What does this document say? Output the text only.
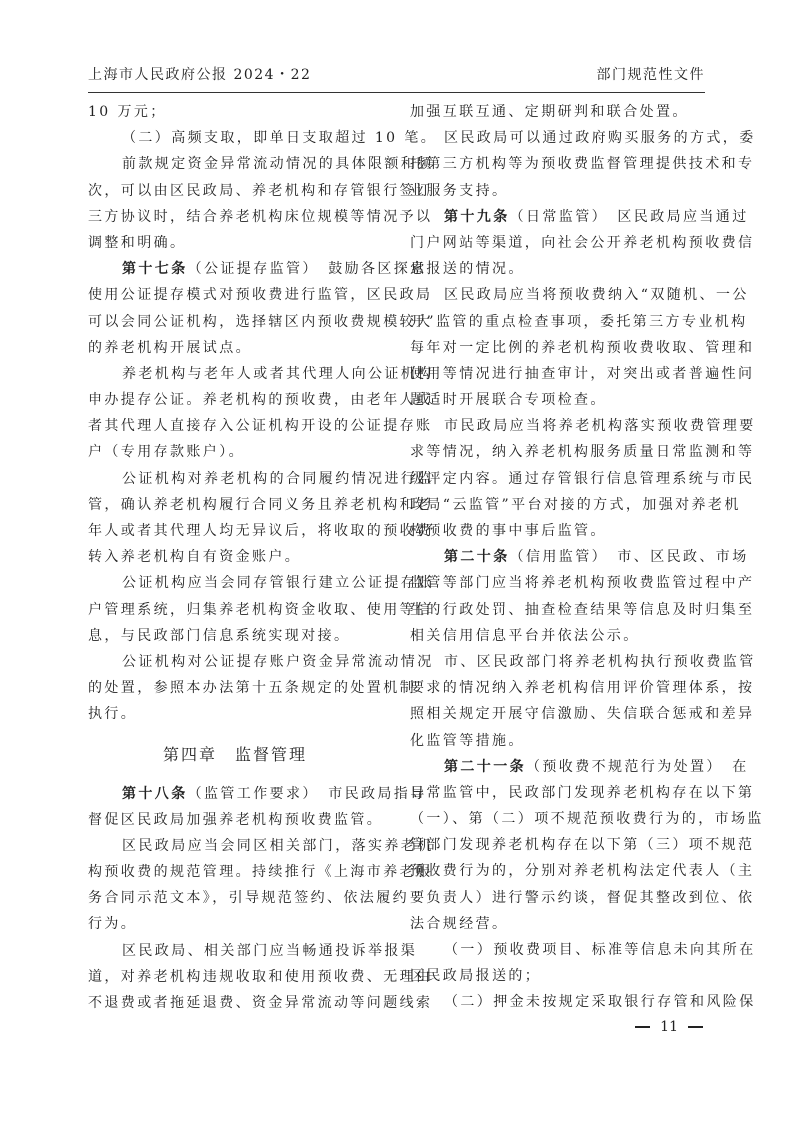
上海市人民政府公报 2024・22	部门规范性文件
10 万元；
（二）高频支取，即单日支取超过 10 笔。
前款规定资金异常流动情况的具体限额和频
次，可以由区民政局、养老机构和存管银行签订
三方协议时，结合养老机构床位规模等情况予以
调整和明确。
第十七条（公证提存监管）　鼓励各区探索
使用公证提存模式对预收费进行监管，区民政局
可以会同公证机构，选择辖区内预收费规模较大
的养老机构开展试点。
养老机构与老年人或者其代理人向公证机构
申办提存公证。养老机构的预收费，由老年人或
者其代理人直接存入公证机构开设的公证提存账
户（专用存款账户）。
公证机构对养老机构的合同履约情况进行监
管，确认养老机构履行合同义务且养老机构和老
年人或者其代理人均无异议后，将收取的预收费
转入养老机构自有资金账户。
公证机构应当会同存管银行建立公证提存账
户管理系统，归集养老机构资金收取、使用等信
息，与民政部门信息系统实现对接。
公证机构对公证提存账户资金异常流动情况
的处置，参照本办法第十五条规定的处置机制
执行。
第四章　监督管理
第十八条（监管工作要求）　市民政局指导
督促区民政局加强养老机构预收费监管。
区民政局应当会同区相关部门，落实养老机
构预收费的规范管理。持续推行《上海市养老服
务合同示范文本》，引导规范签约、依法履约
行为。
区民政局、相关部门应当畅通投诉举报渠
道，对养老机构违规收取和使用预收费、无理由
不退费或者拖延退费、资金异常流动等问题线索
加强互联互通、定期研判和联合处置。
区民政局可以通过政府购买服务的方式，委
托第三方机构等为预收费监督管理提供技术和专
业服务支持。
第十九条（日常监管）　区民政局应当通过
门户网站等渠道，向社会公开养老机构预收费信
息报送的情况。
区民政局应当将预收费纳入“双随机、一公
开”监管的重点检查事项，委托第三方专业机构
每年对一定比例的养老机构预收费收取、管理和
使用等情况进行抽查审计，对突出或者普遍性问
题适时开展联合专项检查。
市民政局应当将养老机构落实预收费管理要
求等情况，纳入养老机构服务质量日常监测和等
级评定内容。通过存管银行信息管理系统与市民
政局“云监管”平台对接的方式，加强对养老机
构预收费的事中事后监管。
第二十条（信用监管）　市、区民政、市场
监管等部门应当将养老机构预收费监管过程中产
生的行政处罚、抽查检查结果等信息及时归集至
相关信用信息平台并依法公示。
市、区民政部门将养老机构执行预收费监管
要求的情况纳入养老机构信用评价管理体系，按
照相关规定开展守信激励、失信联合惩戒和差异
化监管等措施。
第二十一条（预收费不规范行为处置）　在
日常监管中，民政部门发现养老机构存在以下第
（一）、第（二）项不规范预收费行为的，市场监
管部门发现养老机构存在以下第（三）项不规范
预收费行为的，分别对养老机构法定代表人（主
要负责人）进行警示约谈，督促其整改到位、依
法合规经营。
（一）预收费项目、标准等信息未向其所在
区民政局报送的；
（二）押金未按规定采取银行存管和风险保
11
